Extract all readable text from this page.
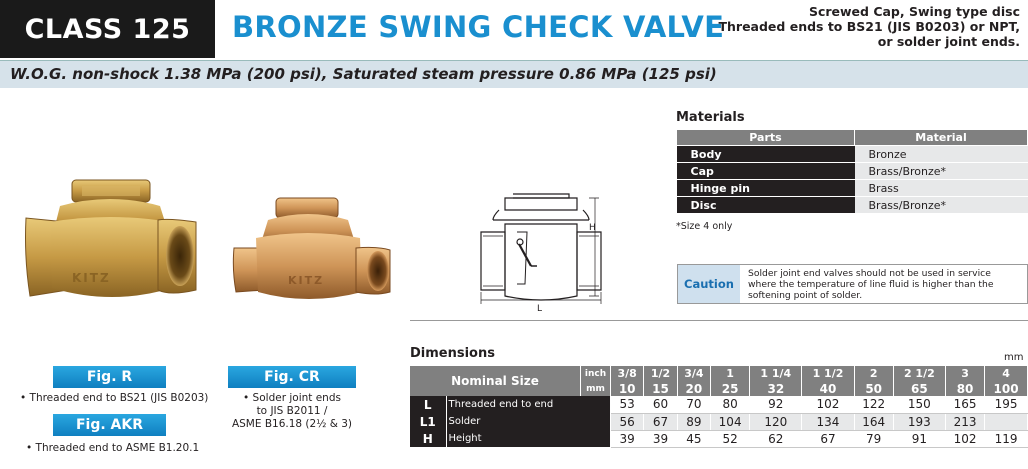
CLASS 125	BRONZE SWING CHECK VALVE	Screwed Cap, Swing type disc
Threaded ends to BS21 (JIS B0203) or NPT,
or solder joint ends.
W.O.G. non-shock 1.38 MPa (200 psi), Saturated steam pressure 0.86 MPa (125 psi)
KITZ	KITZ
Fig. R
• Threaded end to BS21 (JIS B0203)
Fig. AKR
• Threaded end to ASME B1.20.1
Fig. CR
• Solder joint ends
to JIS B2011 /
ASME B16.18 (2½ & 3)
H
L
Materials
Parts	Material
Body	Bronze
Cap	Brass/Bronze*
Hinge pin	Brass
Disc	Brass/Bronze*
*Size 4 only
Caution
Solder joint end valves should not be used in service where the temperature of line fluid is higher than the softening point of solder.
Dimensions	mm
Nominal Size		inch	3/8	1/2	3/4	1	1 1/4	1 1/2	2	2 1/2	3	4
		mm	10	15	20	25	32	40	50	65	80	100
L	Threaded end to end		53	60	70	80	92	102	122	150	165	195
L1	Solder		56	67	89	104	120	134	164	193	213	
H	Height		39	39	45	52	62	67	79	91	102	119
